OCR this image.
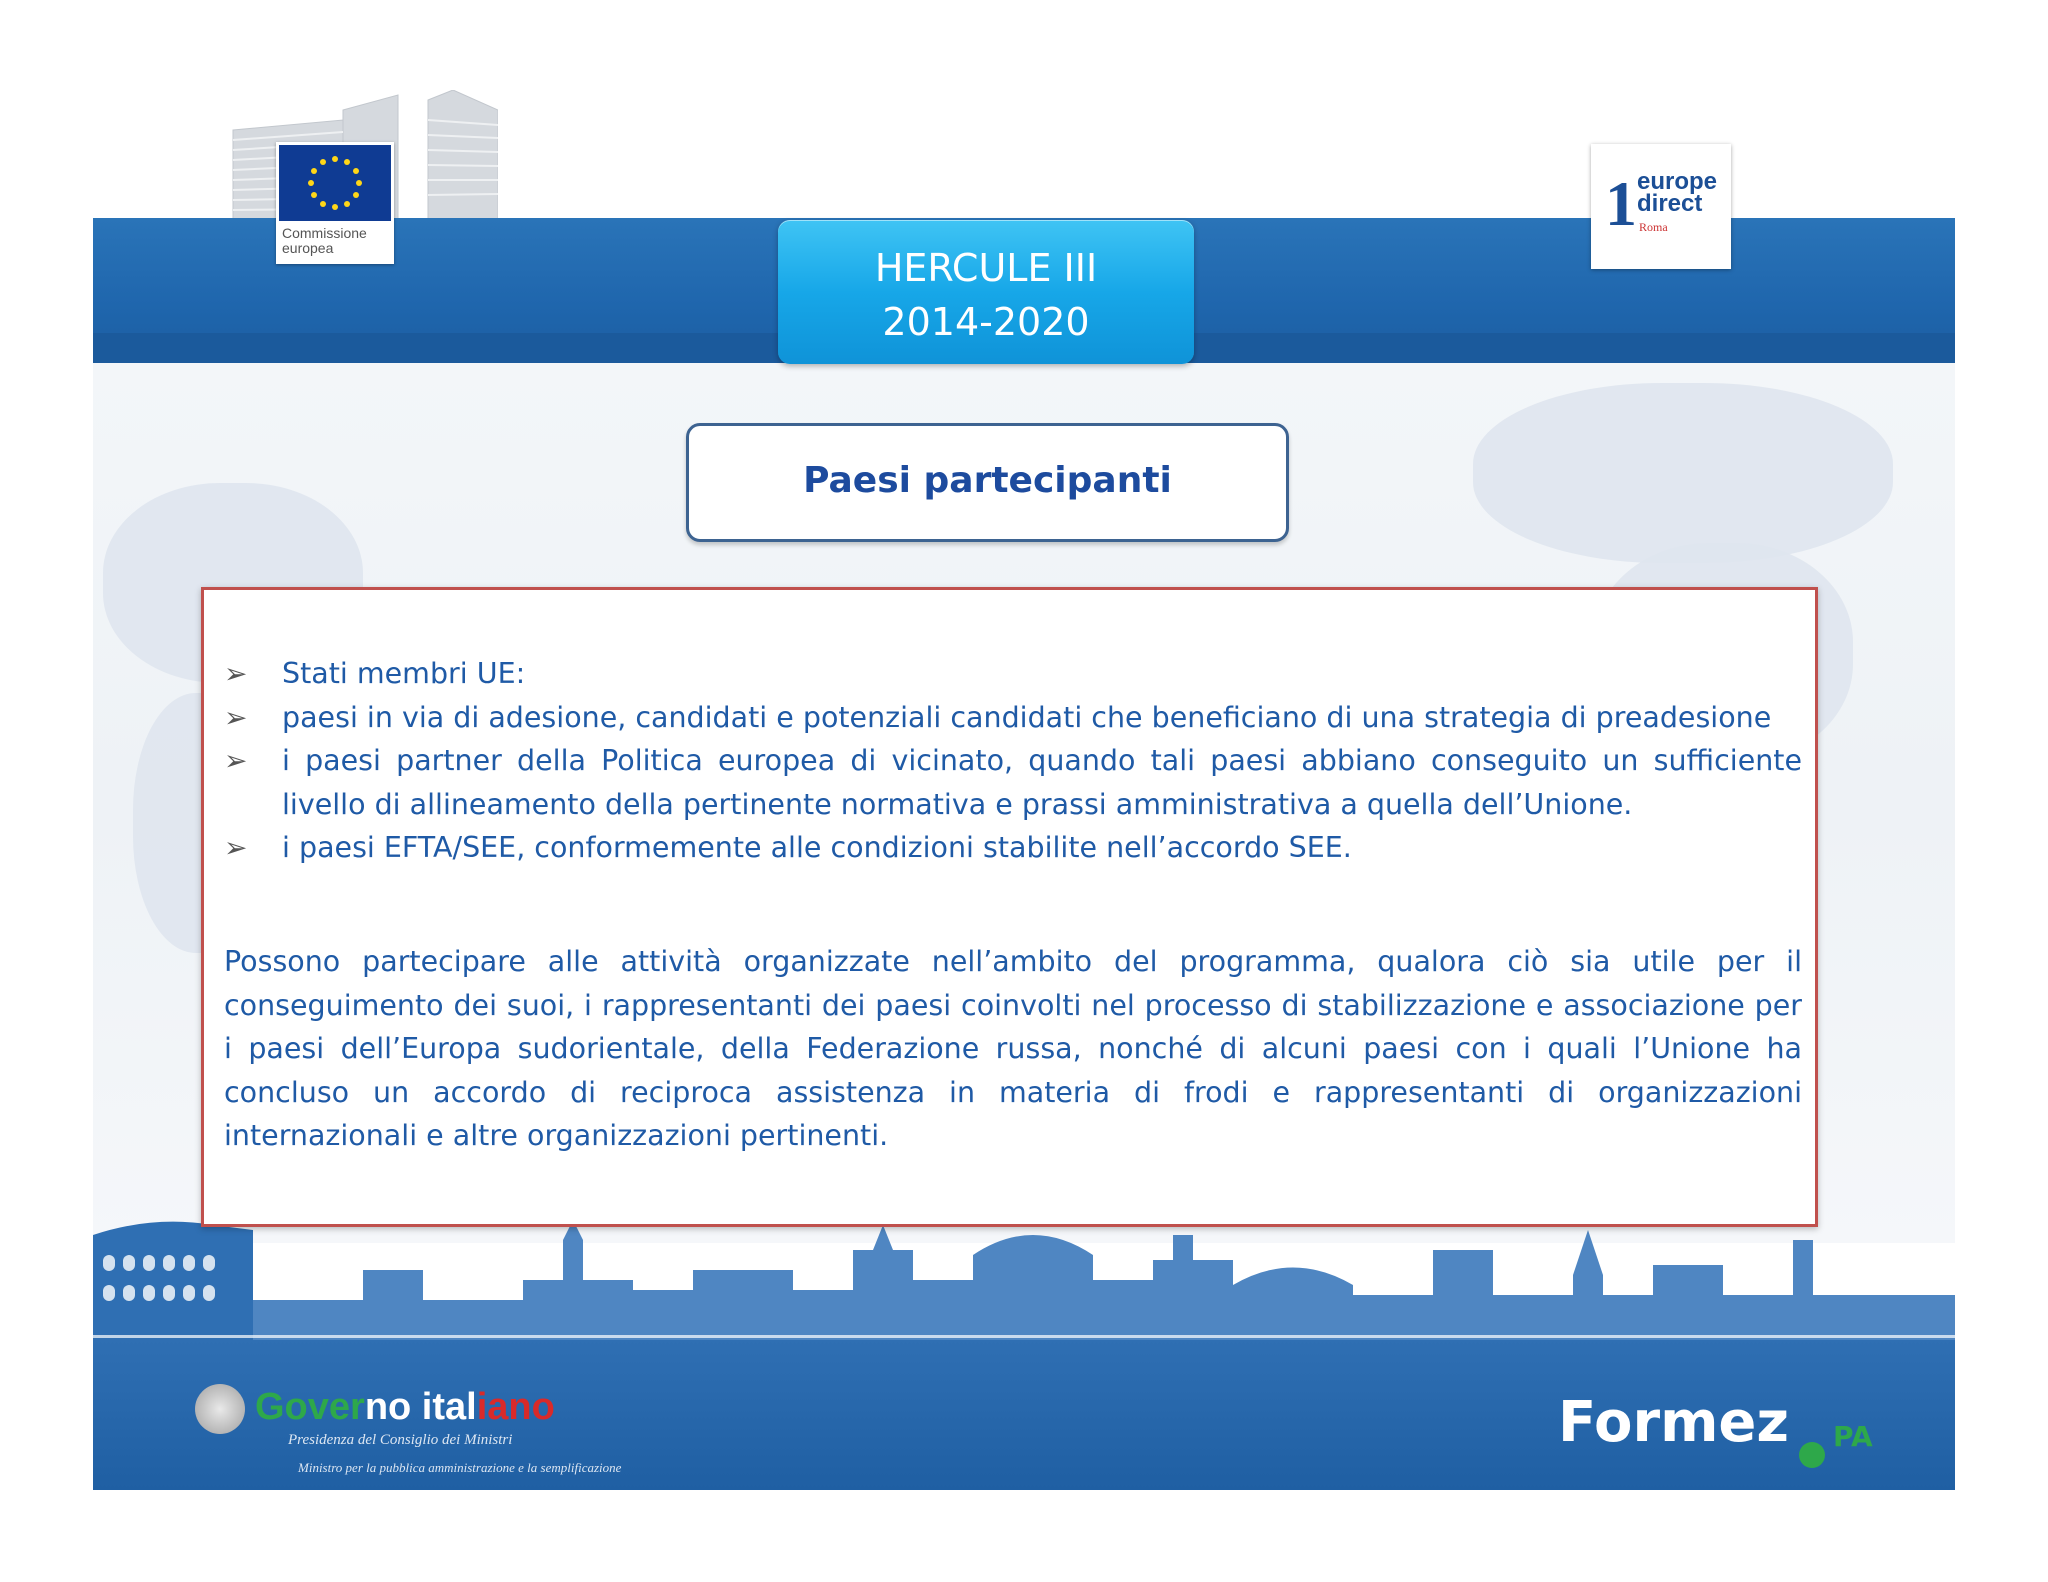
Commissione europea
1 europe
direct
Roma
HERCULE III
2014-2020
Paesi partecipanti
➢ Stati membri UE:
➢ paesi in via di adesione, candidati e potenziali candidati che beneficiano di una strategia di preadesione
➢ i paesi partner della Politica europea di vicinato, quando tali paesi abbiano conseguito un sufficiente livello di allineamento della pertinente normativa e prassi amministrativa a quella dell’Unione.
➢ i paesi EFTA/SEE, conformemente alle condizioni stabilite nell’accordo SEE.

Possono partecipare alle attività organizzate nell’ambito del programma, qualora ciò sia utile per il conseguimento dei suoi, i rappresentanti dei paesi coinvolti nel processo di stabilizzazione e associazione per i paesi dell’Europa sudorientale, della Federazione russa, nonché di alcuni paesi con i quali l’Unione ha concluso un accordo di reciproca assistenza in materia di frodi e rappresentanti di organizzazioni internazionali e altre organizzazioni pertinenti.

Governo italiano
Presidenza del Consiglio dei Ministri
Ministro per la pubblica amministrazione e la semplificazione
Formez PA
